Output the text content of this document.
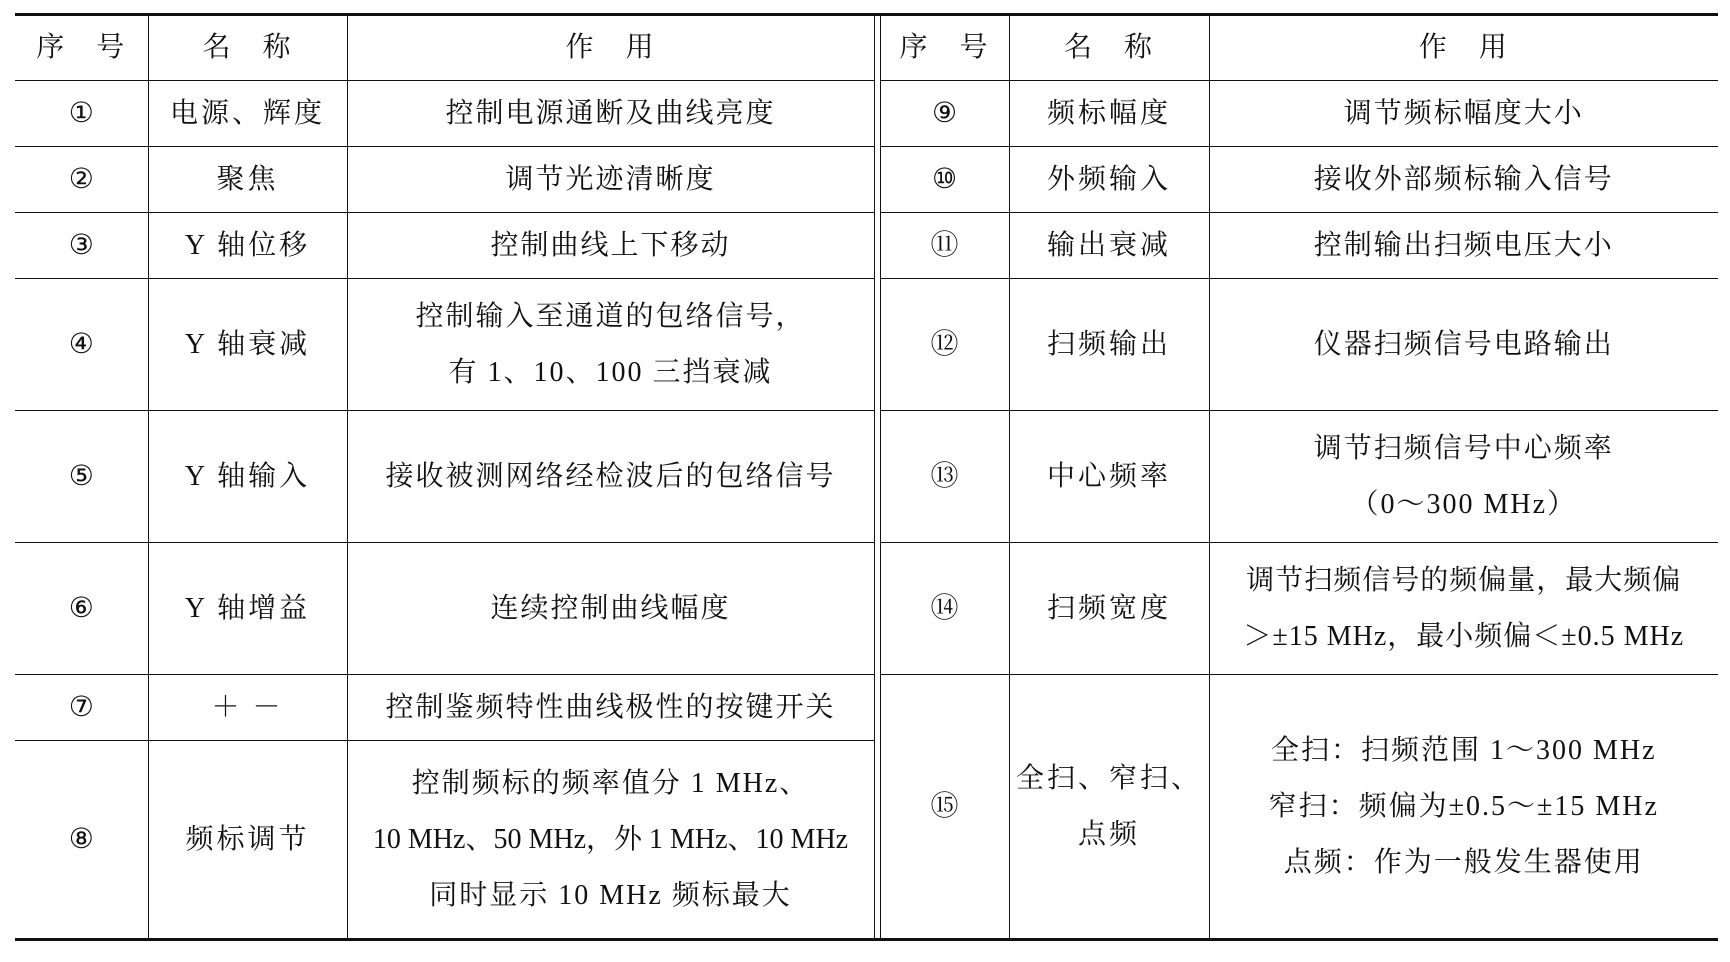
序　号	名　称	作　用		序　号	名　称	作　用
①	电源、辉度	控制电源通断及曲线亮度		⑨	频标幅度	调节频标幅度大小

②	聚焦	调节光迹清晰度		⑩	外频输入	接收外部频标输入信号

③	Y 轴位移	控制曲线上下移动		⑪	输出衰减	控制输出扫频电压大小

④	Y 轴衰减	控制输入至通道的包络信号，
有 1、10、100 三挡衰减		⑫	扫频输出	仪器扫频信号电路输出

⑤	Y 轴输入	接收被测网络经检波后的包络信号		⑬	中心频率	调节扫频信号中心频率
（0～300 MHz）

⑥	Y 轴增益	连续控制曲线幅度		⑭	扫频宽度	调节扫频信号的频偏量，最大频偏
＞±15 MHz，最小频偏＜±0.5 MHz

⑦	＋ －	控制鉴频特性曲线极性的按键开关		⑮	全扫、窄扫、
点频	全扫：扫频范围 1～300 MHz
窄扫：频偏为±0.5～±15 MHz
点频：作为一般发生器使用

⑧	频标调节	控制频标的频率值分 1 MHz、
10 MHz、50 MHz，外 1 MHz、10 MHz
同时显示 10 MHz 频标最大				
